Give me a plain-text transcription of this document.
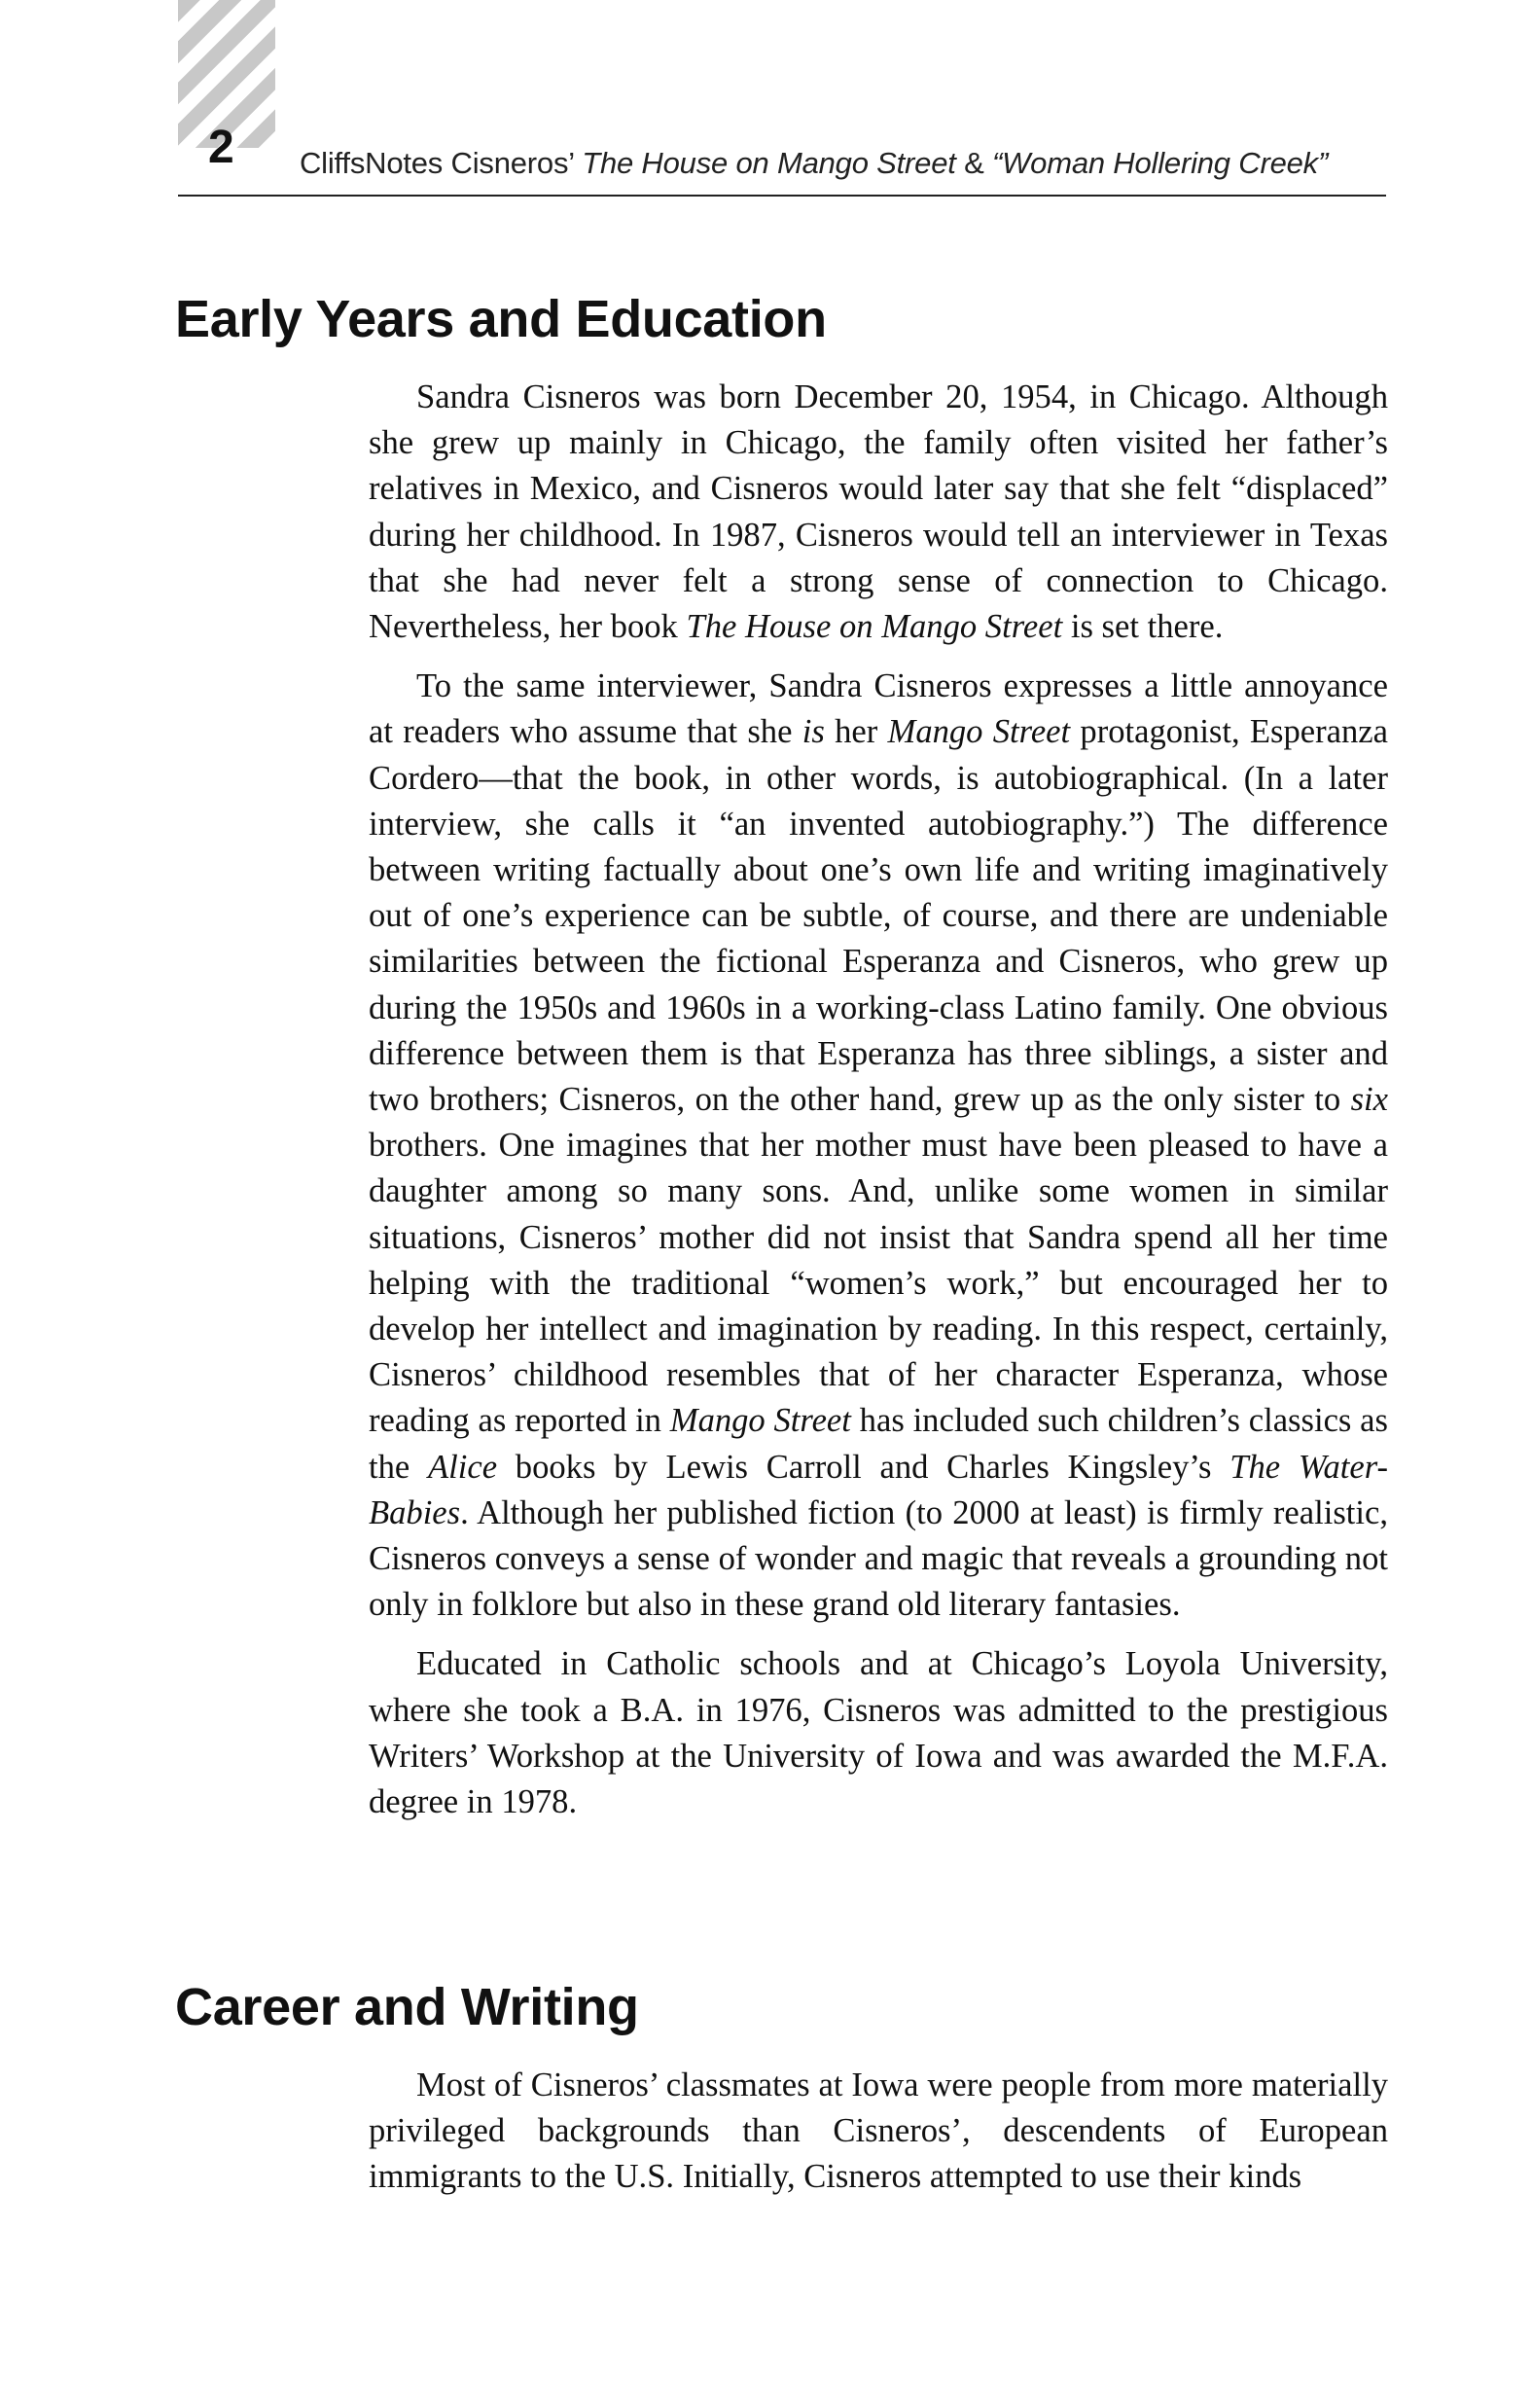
2 CliffsNotes Cisneros’ The House on Mango Street & “Woman Hollering Creek”
Early Years and Education

Sandra Cisneros was born December 20, 1954, in Chicago. Although she grew up mainly in Chicago, the family often visited her father’s relatives in Mexico, and Cisneros would later say that she felt “displaced” during her childhood. In 1987, Cisneros would tell an interviewer in Texas that she had never felt a strong sense of connection to Chicago. Nevertheless, her book The House on Mango Street is set there.

To the same interviewer, Sandra Cisneros expresses a little annoyance at readers who assume that she is her Mango Street protagonist, Esperanza Cordero—that the book, in other words, is autobiographical. (In a later interview, she calls it “an invented autobiography.”) The difference between writing factually about one’s own life and writing imaginatively out of one’s experience can be subtle, of course, and there are undeniable similarities between the fictional Esperanza and Cisneros, who grew up during the 1950s and 1960s in a working-class Latino family. One obvious difference between them is that Esperanza has three siblings, a sister and two brothers; Cisneros, on the other hand, grew up as the only sister to six brothers. One imagines that her mother must have been pleased to have a daughter among so many sons. And, unlike some women in similar situations, Cisneros’ mother did not insist that Sandra spend all her time helping with the traditional “women’s work,” but encouraged her to develop her intellect and imagination by reading. In this respect, certainly, Cisneros’ childhood resembles that of her character Esperanza, whose reading as reported in Mango Street has included such children’s classics as the Alice books by Lewis Carroll and Charles Kingsley’s The Water-Babies. Although her published fiction (to 2000 at least) is firmly realistic, Cisneros conveys a sense of wonder and magic that reveals a grounding not only in folklore but also in these grand old literary fantasies.

Educated in Catholic schools and at Chicago’s Loyola University, where she took a B.A. in 1976, Cisneros was admitted to the prestigious Writers’ Workshop at the University of Iowa and was awarded the M.F.A. degree in 1978.

Career and Writing

Most of Cisneros’ classmates at Iowa were people from more materially privileged backgrounds than Cisneros’, descendents of European immigrants to the U.S. Initially, Cisneros attempted to use their kinds
